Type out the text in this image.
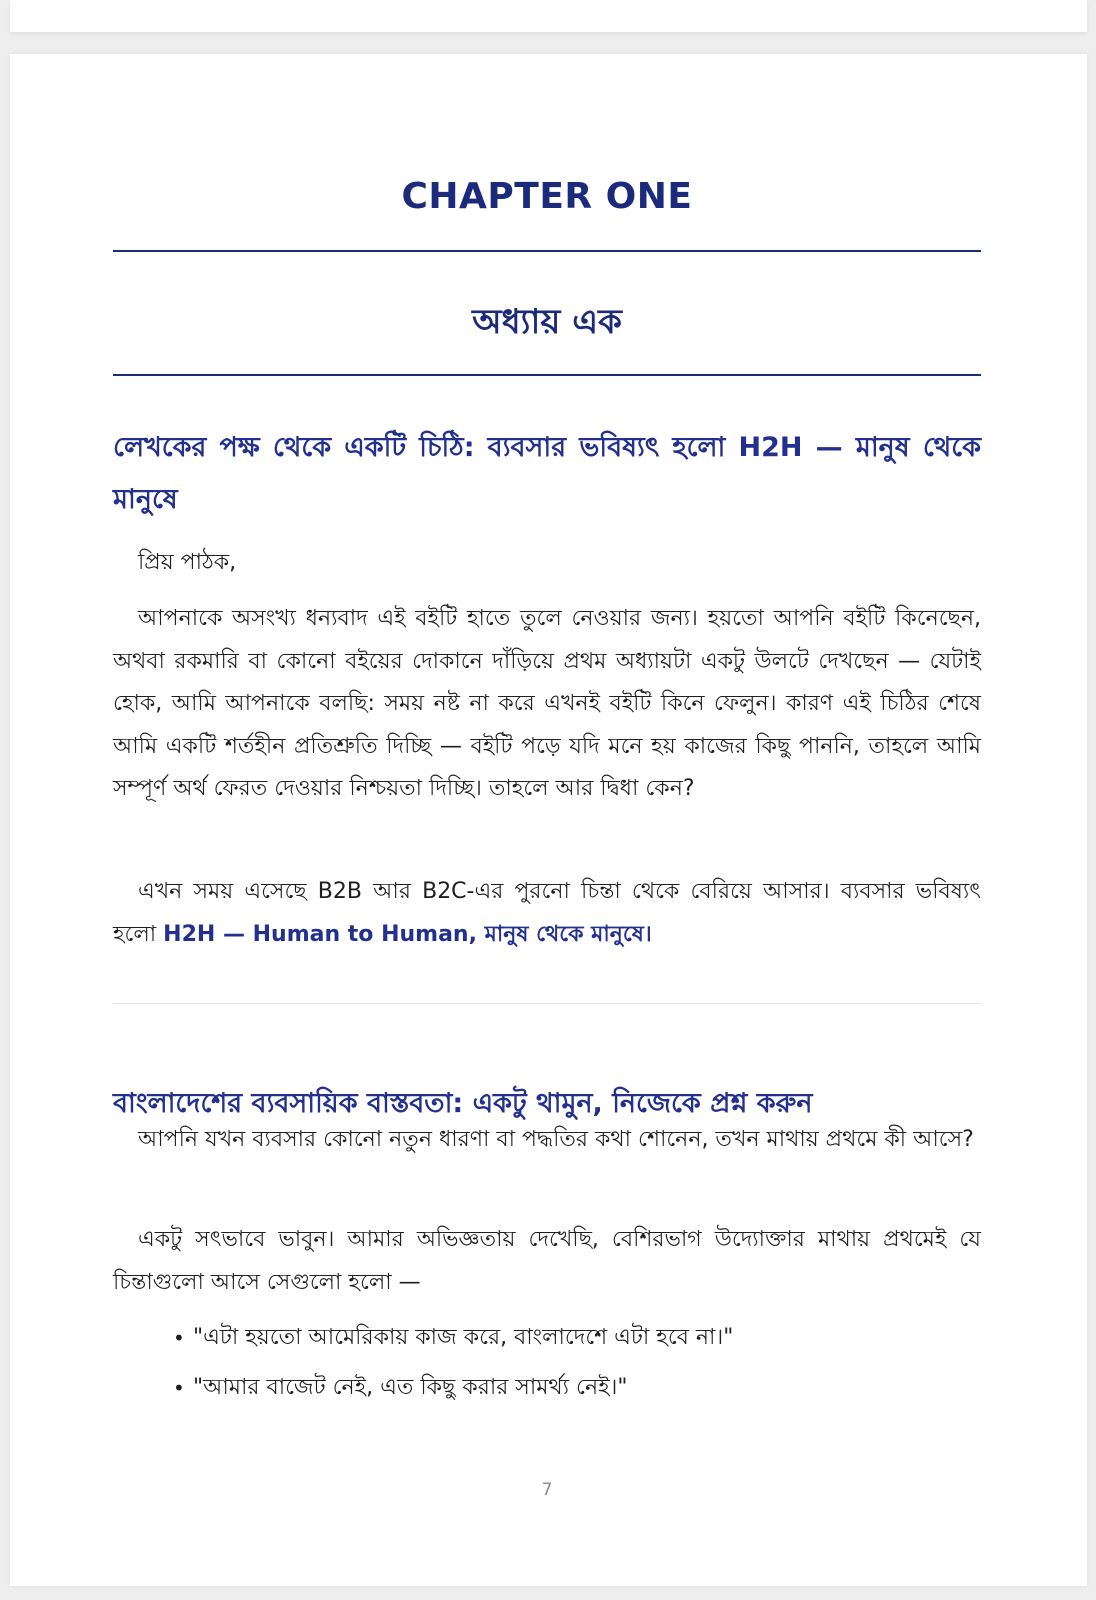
CHAPTER ONE
অধ্যায় এক
লেখকের পক্ষ থেকে একটি চিঠি: ব্যবসার ভবিষ্যৎ হলো H2H — মানুষ থেকে মানুষে
প্রিয় পাঠক,
আপনাকে অসংখ্য ধন্যবাদ এই বইটি হাতে তুলে নেওয়ার জন্য। হয়তো আপনি বইটি কিনেছেন, অথবা রকমারি বা কোনো বইয়ের দোকানে দাঁড়িয়ে প্রথম অধ্যায়টা একটু উলটে দেখছেন — যেটাই হোক, আমি আপনাকে বলছি: সময় নষ্ট না করে এখনই বইটি কিনে ফেলুন। কারণ এই চিঠির শেষে আমি একটি শর্তহীন প্রতিশ্রুতি দিচ্ছি — বইটি পড়ে যদি মনে হয় কাজের কিছু পাননি, তাহলে আমি সম্পূর্ণ অর্থ ফেরত দেওয়ার নিশ্চয়তা দিচ্ছি। তাহলে আর দ্বিধা কেন?
এখন সময় এসেছে B2B আর B2C-এর পুরনো চিন্তা থেকে বেরিয়ে আসার। ব্যবসার ভবিষ্যৎ হলো H2H — Human to Human, মানুষ থেকে মানুষে।
বাংলাদেশের ব্যবসায়িক বাস্তবতা: একটু থামুন, নিজেকে প্রশ্ন করুন
আপনি যখন ব্যবসার কোনো নতুন ধারণা বা পদ্ধতির কথা শোনেন, তখন মাথায় প্রথমে কী আসে?
একটু সৎভাবে ভাবুন। আমার অভিজ্ঞতায় দেখেছি, বেশিরভাগ উদ্যোক্তার মাথায় প্রথমেই যে চিন্তাগুলো আসে সেগুলো হলো —
• "এটা হয়তো আমেরিকায় কাজ করে, বাংলাদেশে এটা হবে না।"
• "আমার বাজেট নেই, এত কিছু করার সামর্থ্য নেই।"
7
